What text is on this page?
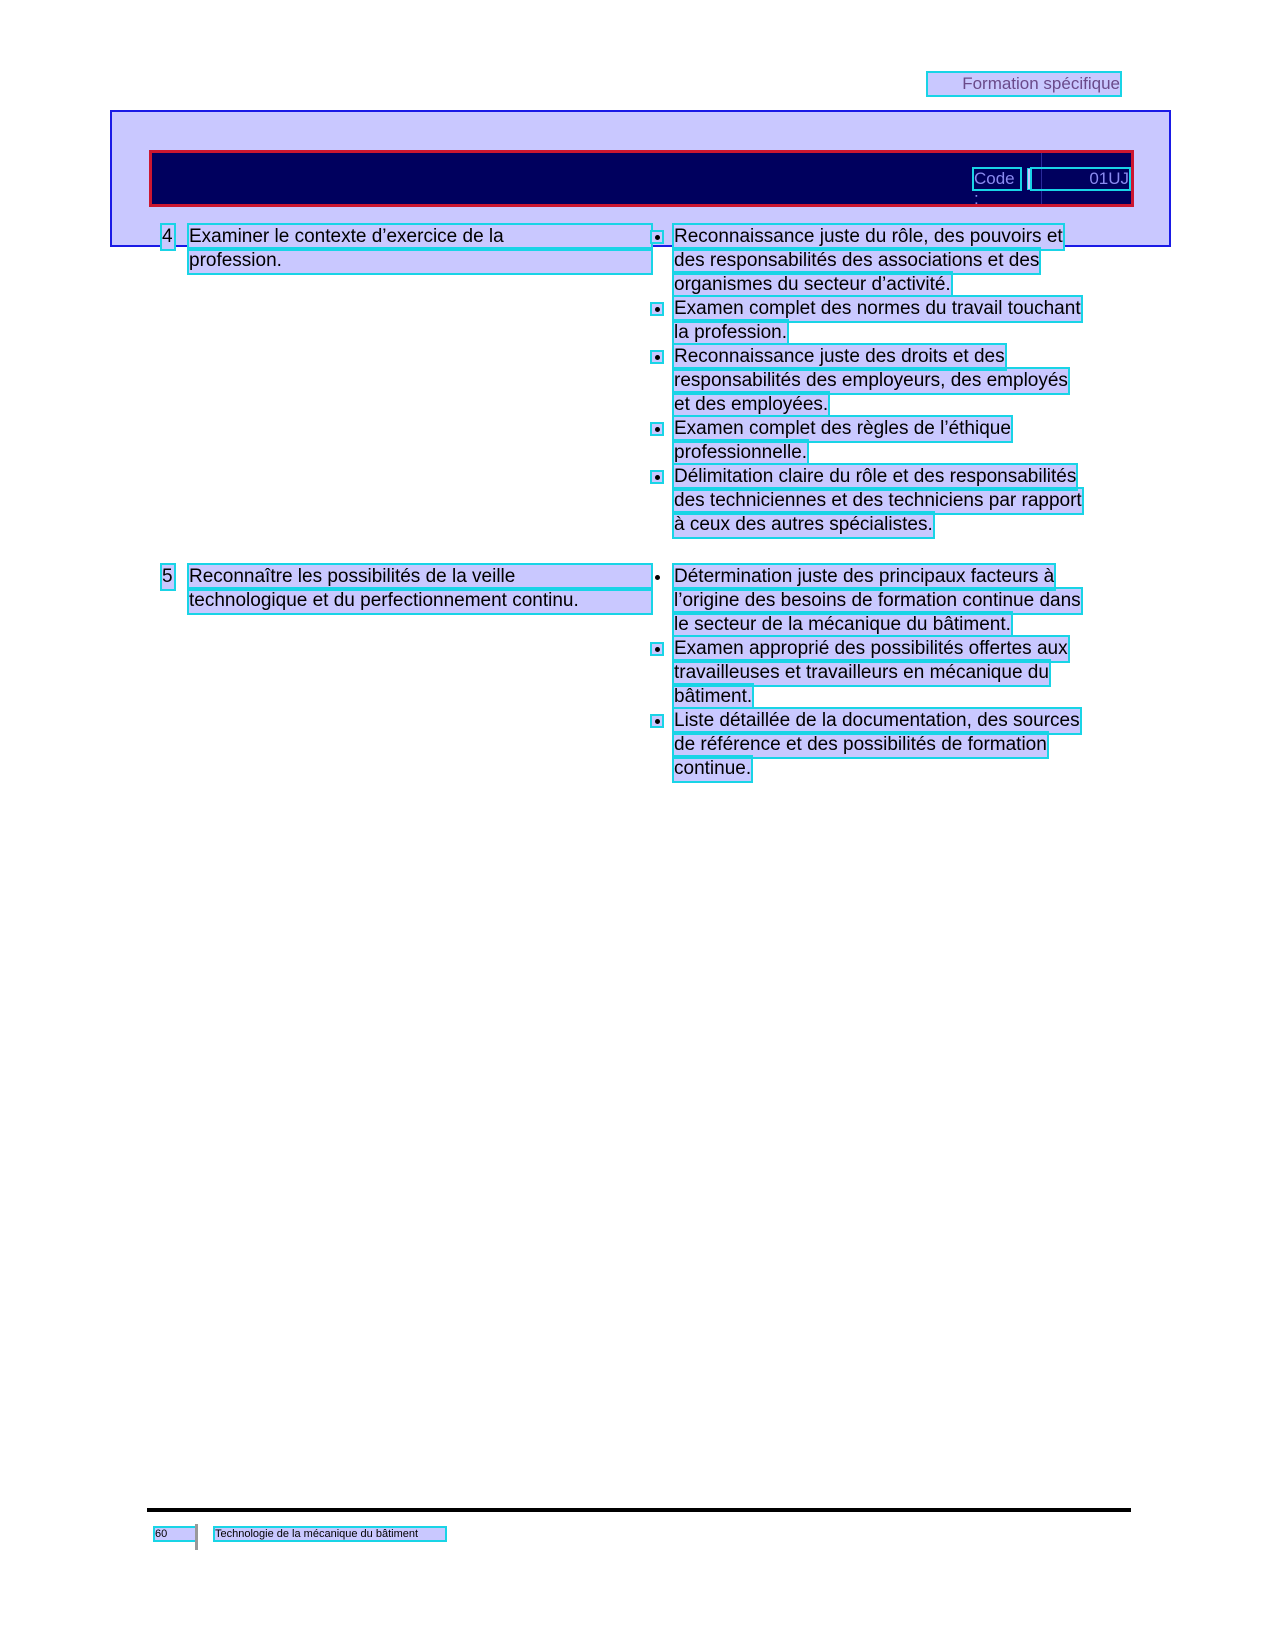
Formation spécifique
Code :
01UJ
4 Examiner le contexte d’exercice de la
profession.
Reconnaissance juste du rôle, des pouvoirs et
des responsabilités des associations et des
organismes du secteur d’activité.
Examen complet des normes du travail touchant
la profession.
Reconnaissance juste des droits et des
responsabilités des employeurs, des employés
et des employées.
Examen complet des règles de l’éthique
professionnelle.
Délimitation claire du rôle et des responsabilités
des techniciennes et des techniciens par rapport
à ceux des autres spécialistes.
5 Reconnaître les possibilités de la veille
technologique et du perfectionnement continu.
Détermination juste des principaux facteurs à
l’origine des besoins de formation continue dans
le secteur de la mécanique du bâtiment.
Examen approprié des possibilités offertes aux
travailleuses et travailleurs en mécanique du
bâtiment.
Liste détaillée de la documentation, des sources
de référence et des possibilités de formation
continue.
60	Technologie de la mécanique du bâtiment
